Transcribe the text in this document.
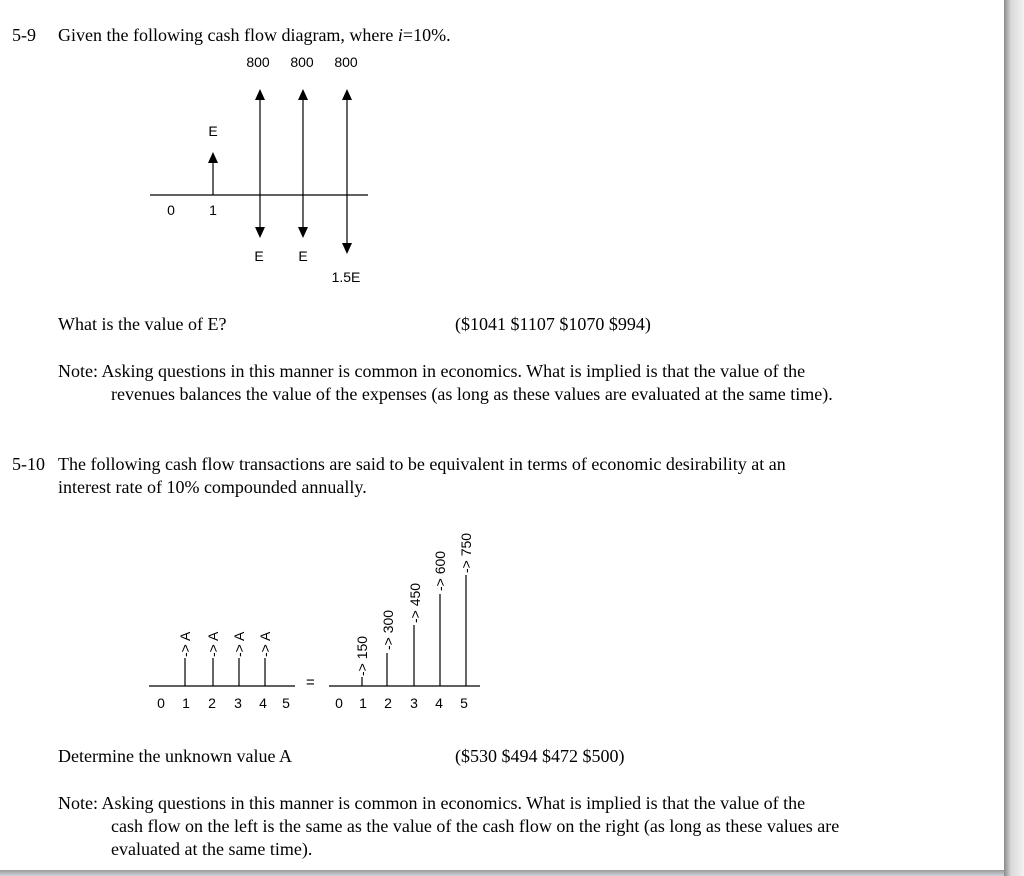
5-9 Given the following cash flow diagram, where i=10%.
800 800 800
E
0 1
E E
1.5E
What is the value of E?	($1041 $1107 $1070 $994)
Note: Asking questions in this manner is common in economics. What is implied is that the value of the
revenues balances the value of the expenses (as long as these values are evaluated at the same time).
5-10 The following cash flow transactions are said to be equivalent in terms of economic desirability at an
interest rate of 10% compounded annually.
-> A -> A -> A -> A
0 1 2 3 4 5
=
-> 150
-> 300
-> 450
-> 600 -> 750
0 1 2 3 4 5
Determine the unknown value A	($530 $494 $472 $500)
Note: Asking questions in this manner is common in economics. What is implied is that the value of the
cash flow on the left is the same as the value of the cash flow on the right (as long as these values are
evaluated at the same time).
